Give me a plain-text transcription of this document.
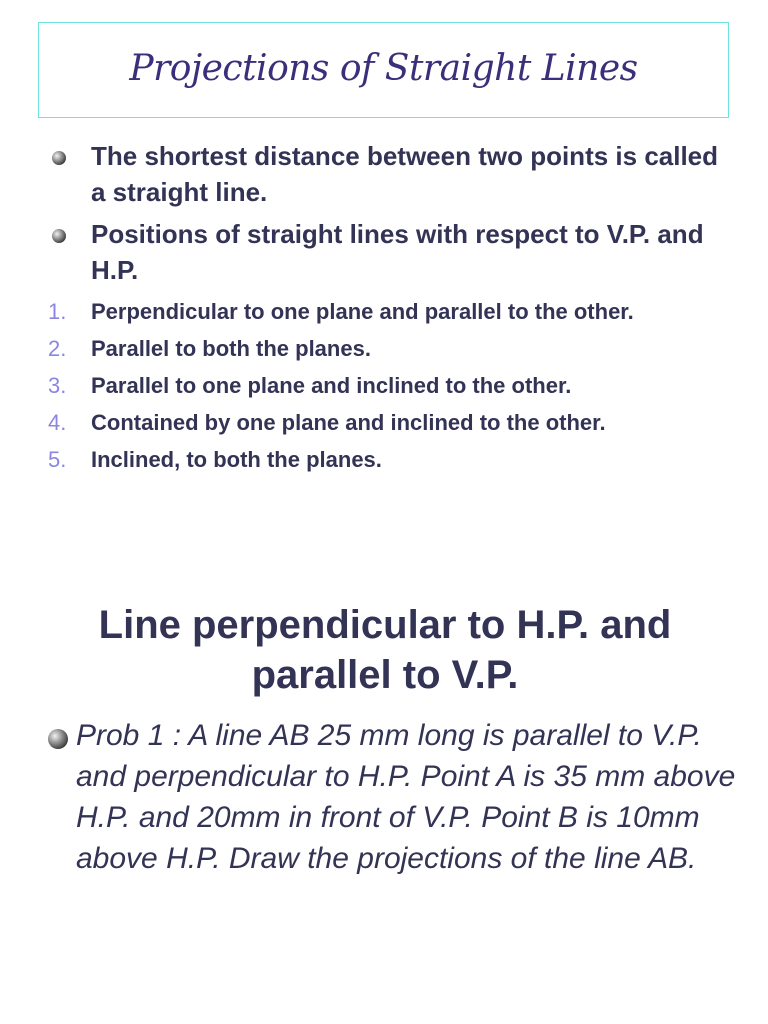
Projections of Straight Lines
The shortest distance between two points is called a straight line.
Positions of straight lines with respect to V.P. and H.P.
1. Perpendicular to one plane and parallel to the other.
2. Parallel to both the planes.
3. Parallel to one plane and inclined to the other.
4. Contained by one plane and inclined to the other.
5. Inclined, to both the planes.
Line perpendicular to H.P. and
parallel to V.P.
Prob 1 : A line AB 25 mm long is parallel to V.P. and perpendicular to H.P. Point A is 35 mm above H.P. and 20mm in front of V.P. Point B is 10mm above H.P. Draw the projections of the line AB.
